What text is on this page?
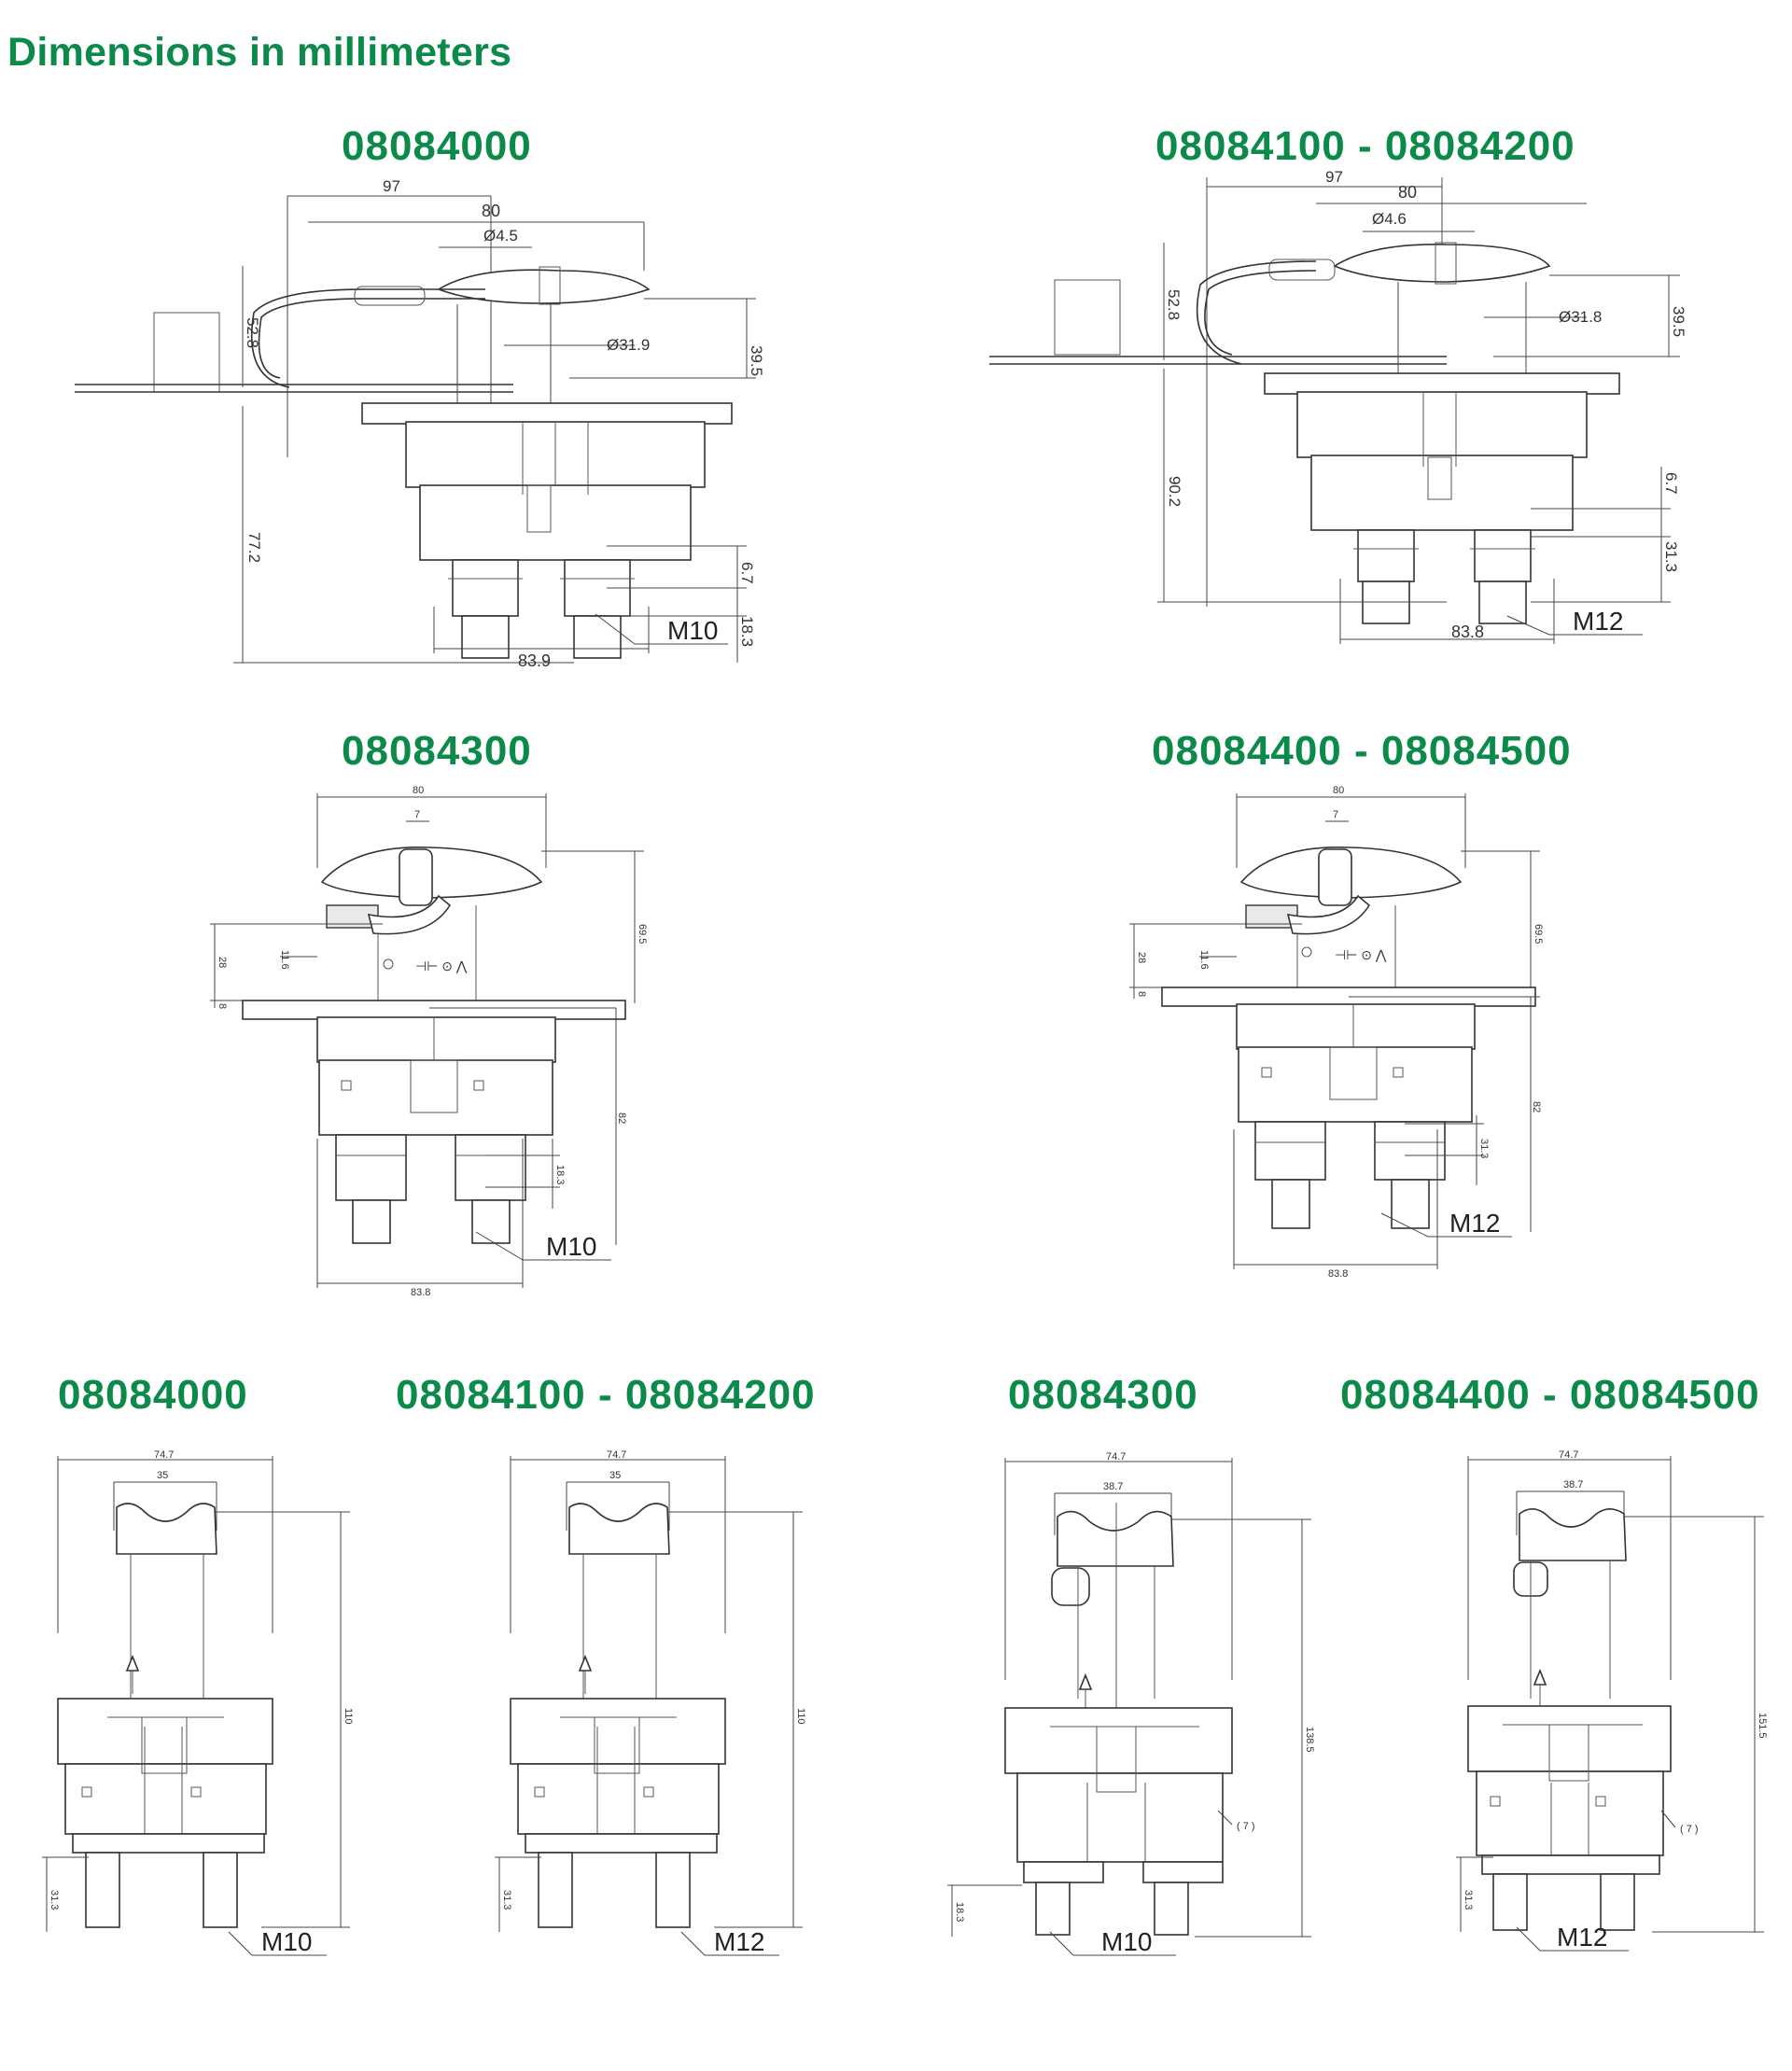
Dimensions in millimeters
08084000	08084100 - 08084200
08084300	08084400 - 08084500
08084000	08084100 - 08084200	08084300	08084400 - 08084500
97
80
Ø4.5
Ø31.9
39.5
52.8
77.2
6.7
18.3
83.9
M10
97
80
Ø4.6
Ø31.8	39.5
52.8
90.2	6.7
31.3
83.8	M12
80
7
11.6
69.5
⊣⊢ ⊙ ⋀
28
8
82
18.3
83.8
M10
80
7
11.6
69.5
⊣⊢ ⊙ ⋀
28
8
82
31.3
83.8
M12
74.7
35
110
31.3
M10
74.7
35
110
31.3
M12
74.7
38.7
138.5
( 7 )
18.3
M10
74.7
38.7
151.5
( 7 )
31.3
M12
